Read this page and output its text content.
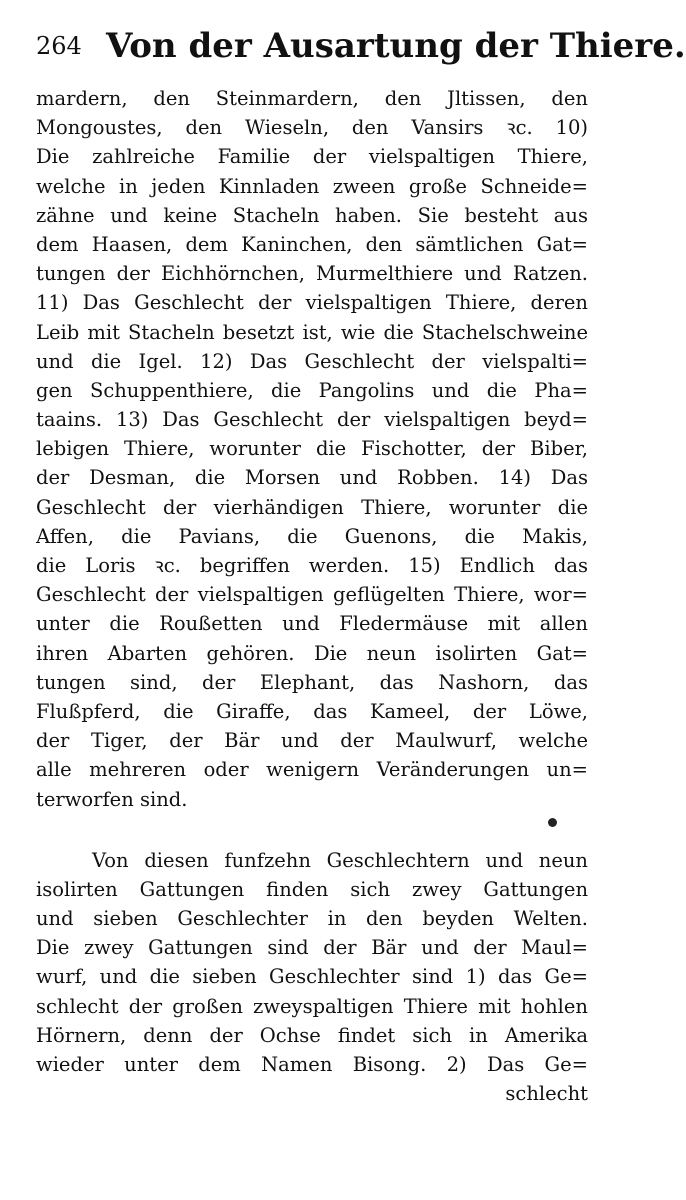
264 Von der Ausartung der Thiere.
mardern, den Steinmardern, den Jltissen, den
Mongoustes, den Wieseln, den Vansirs ꝛc. 10)
Die zahlreiche Familie der vielspaltigen Thiere,
welche in jeden Kinnladen zween große Schneide=
zähne und keine Stacheln haben. Sie besteht aus
dem Haasen, dem Kaninchen, den sämtlichen Gat=
tungen der Eichhörnchen, Murmelthiere und Ratzen.
11) Das Geschlecht der vielspaltigen Thiere, deren
Leib mit Stacheln besetzt ist, wie die Stachelschweine
und die Igel. 12) Das Geschlecht der vielspalti=
gen Schuppenthiere, die Pangolins und die Pha=
taains. 13) Das Geschlecht der vielspaltigen beyd=
lebigen Thiere, worunter die Fischotter, der Biber,
der Desman, die Morsen und Robben. 14) Das
Geschlecht der vierhändigen Thiere, worunter die
Affen, die Pavians, die Guenons, die Makis,
die Loris ꝛc. begriffen werden. 15) Endlich das
Geschlecht der vielspaltigen geflügelten Thiere, wor=
unter die Roußetten und Fledermäuse mit allen
ihren Abarten gehören. Die neun isolirten Gat=
tungen sind, der Elephant, das Nashorn, das
Flußpferd, die Giraffe, das Kameel, der Löwe,
der Tiger, der Bär und der Maulwurf, welche
alle mehreren oder wenigern Veränderungen un=
terworfen sind.
Von diesen funfzehn Geschlechtern und neun
isolirten Gattungen finden sich zwey Gattungen
und sieben Geschlechter in den beyden Welten.
Die zwey Gattungen sind der Bär und der Maul=
wurf, und die sieben Geschlechter sind 1) das Ge=
schlecht der großen zweyspaltigen Thiere mit hohlen
Hörnern, denn der Ochse findet sich in Amerika
wieder unter dem Namen Bisong. 2) Das Ge=
schlecht
